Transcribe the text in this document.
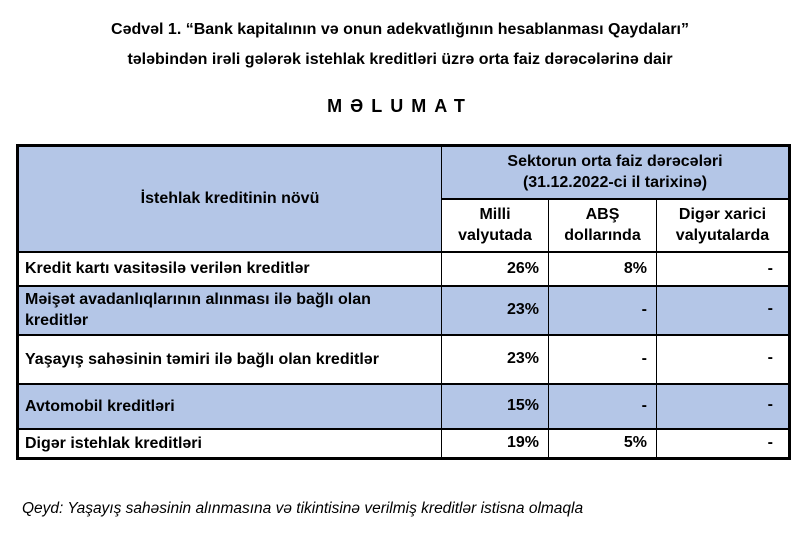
Cədvəl 1. “Bank kapitalının və onun adekvatlığının hesablanması Qaydaları”
tələbindən irəli gələrək istehlak kreditləri üzrə orta faiz dərəcələrinə dair
MƏLUMAT
İstehlak kreditinin növü	Sektorun orta faiz dərəcələri
(31.12.2022-ci il tarixinə)		

	Milli valyutada	ABŞ dollarında	Digər xarici valyutalarda
Kredit kartı vasitəsilə verilən kreditlər	26%	8%	-
Məişət avadanlıqlarının alınması ilə bağlı olan kreditlər	23%	-	-
Yaşayış sahəsinin təmiri ilə bağlı olan kreditlər	23%	-	-
Avtomobil kreditləri	15%	-	-
Digər istehlak kreditləri	19%	5%	-
Qeyd: Yaşayış sahəsinin alınmasına və tikintisinə verilmiş kreditlər istisna olmaqla
